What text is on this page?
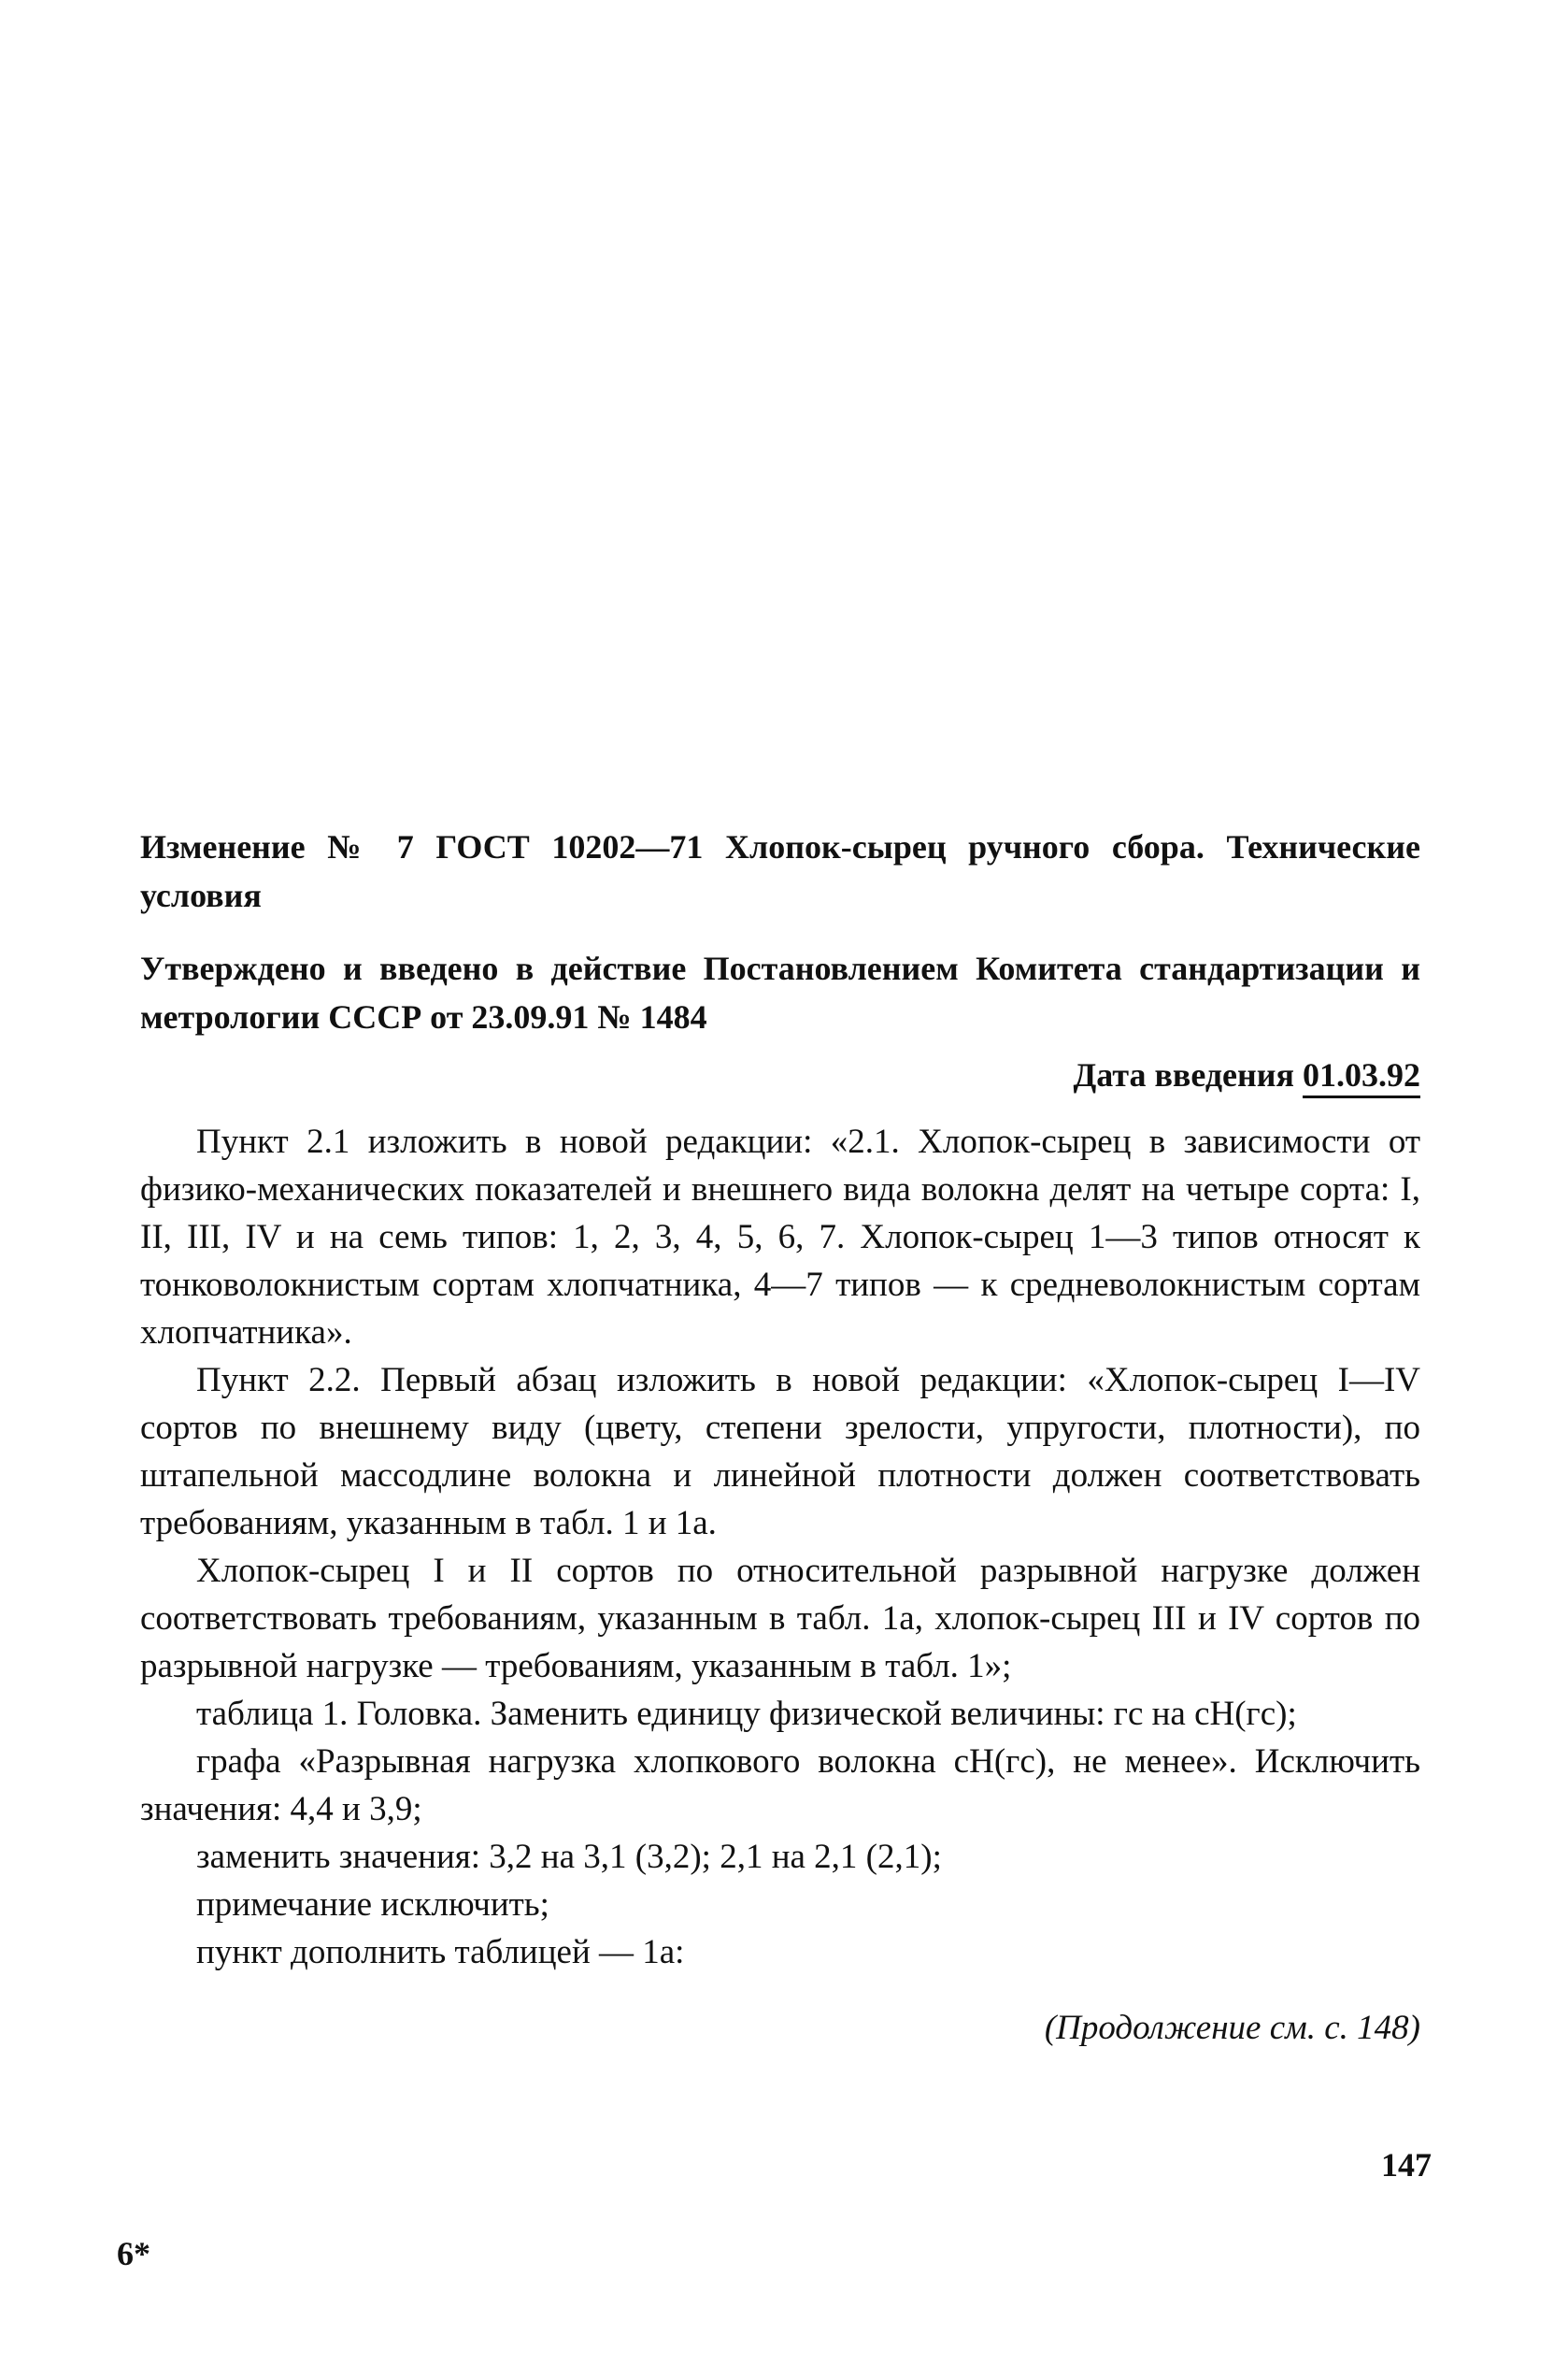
Изменение № 7 ГОСТ 10202—71 Хлопок-сырец ручного сбора. Технические условия

Утверждено и введено в действие Постановлением Комитета стандартизации и метрологии СССР от 23.09.91 № 1484

Дата введения 01.03.92

Пункт 2.1 изложить в новой редакции: «2.1. Хлопок-сырец в зависимости от физико-механических показателей и внешнего вида волокна делят на четыре сорта: I, II, III, IV и на семь типов: 1, 2, 3, 4, 5, 6, 7. Хлопок-сырец 1—3 типов относят к тонковолокнистым сортам хлопчатника, 4—7 типов — к средневолокнистым сортам хлопчатника».

Пункт 2.2. Первый абзац изложить в новой редакции: «Хлопок-сырец I—IV сортов по внешнему виду (цвету, степени зрелости, упругости, плотности), по штапельной массодлине волокна и линейной плотности должен соответствовать требованиям, указанным в табл. 1 и 1а.

Хлопок-сырец I и II сортов по относительной разрывной нагрузке должен соответствовать требованиям, указанным в табл. 1а, хлопок-сырец III и IV сортов по разрывной нагрузке — требованиям, указанным в табл. 1»;

таблица 1. Головка. Заменить единицу физической величины: гс на сН(гс);

графа «Разрывная нагрузка хлопкового волокна сН(гс), не менее». Исключить значения: 4,4 и 3,9;

заменить значения: 3,2 на 3,1 (3,2); 2,1 на 2,1 (2,1);

примечание исключить;

пункт дополнить таблицей — 1а:

(Продолжение см. с. 148)
147
6*
